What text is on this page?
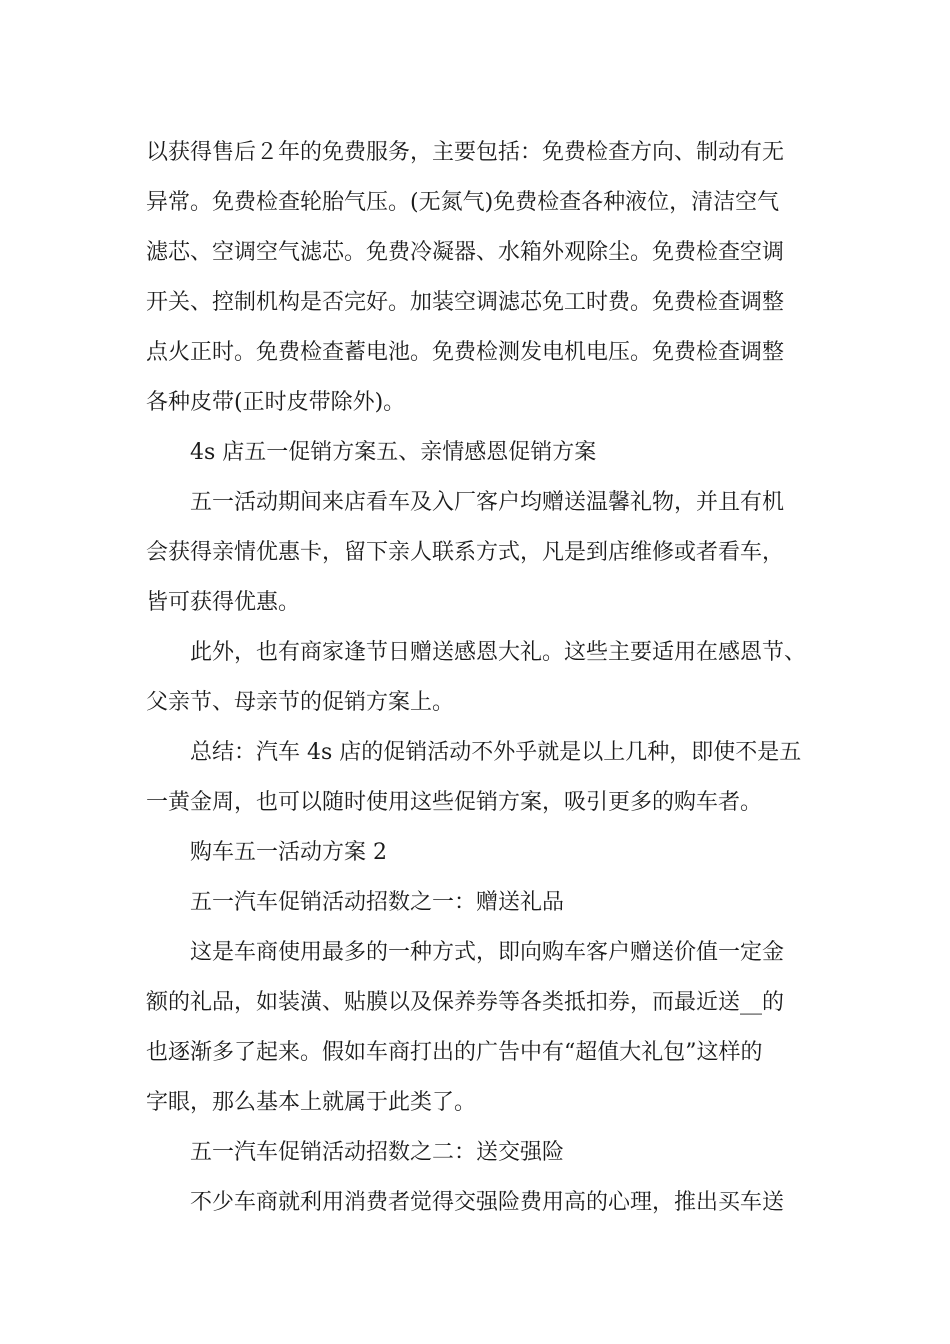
以获得售后２年的免费服务，主要包括：免费检查方向、制动有无
异常。免费检查轮胎气压。(无氮气)免费检查各种液位，清洁空气
滤芯、空调空气滤芯。免费冷凝器、水箱外观除尘。免费检查空调
开关、控制机构是否完好。加装空调滤芯免工时费。免费检查调整
点火正时。免费检查蓄电池。免费检测发电机电压。免费检查调整
各种皮带(正时皮带除外)。
4s 店五一促销方案五、亲情感恩促销方案
五一活动期间来店看车及入厂客户均赠送温馨礼物，并且有机
会获得亲情优惠卡，留下亲人联系方式，凡是到店维修或者看车，
皆可获得优惠。
此外，也有商家逢节日赠送感恩大礼。这些主要适用在感恩节、
父亲节、母亲节的促销方案上。
总结：汽车 4s 店的促销活动不外乎就是以上几种，即使不是五
一黄金周，也可以随时使用这些促销方案，吸引更多的购车者。
购车五一活动方案 2
五一汽车促销活动招数之一：赠送礼品
这是车商使用最多的一种方式，即向购车客户赠送价值一定金
额的礼品，如装潢、贴膜以及保养券等各类抵扣券，而最近送__的
也逐渐多了起来。假如车商打出的广告中有“超值大礼包”这样的
字眼，那么基本上就属于此类了。
五一汽车促销活动招数之二：送交强险
不少车商就利用消费者觉得交强险费用高的心理，推出买车送
